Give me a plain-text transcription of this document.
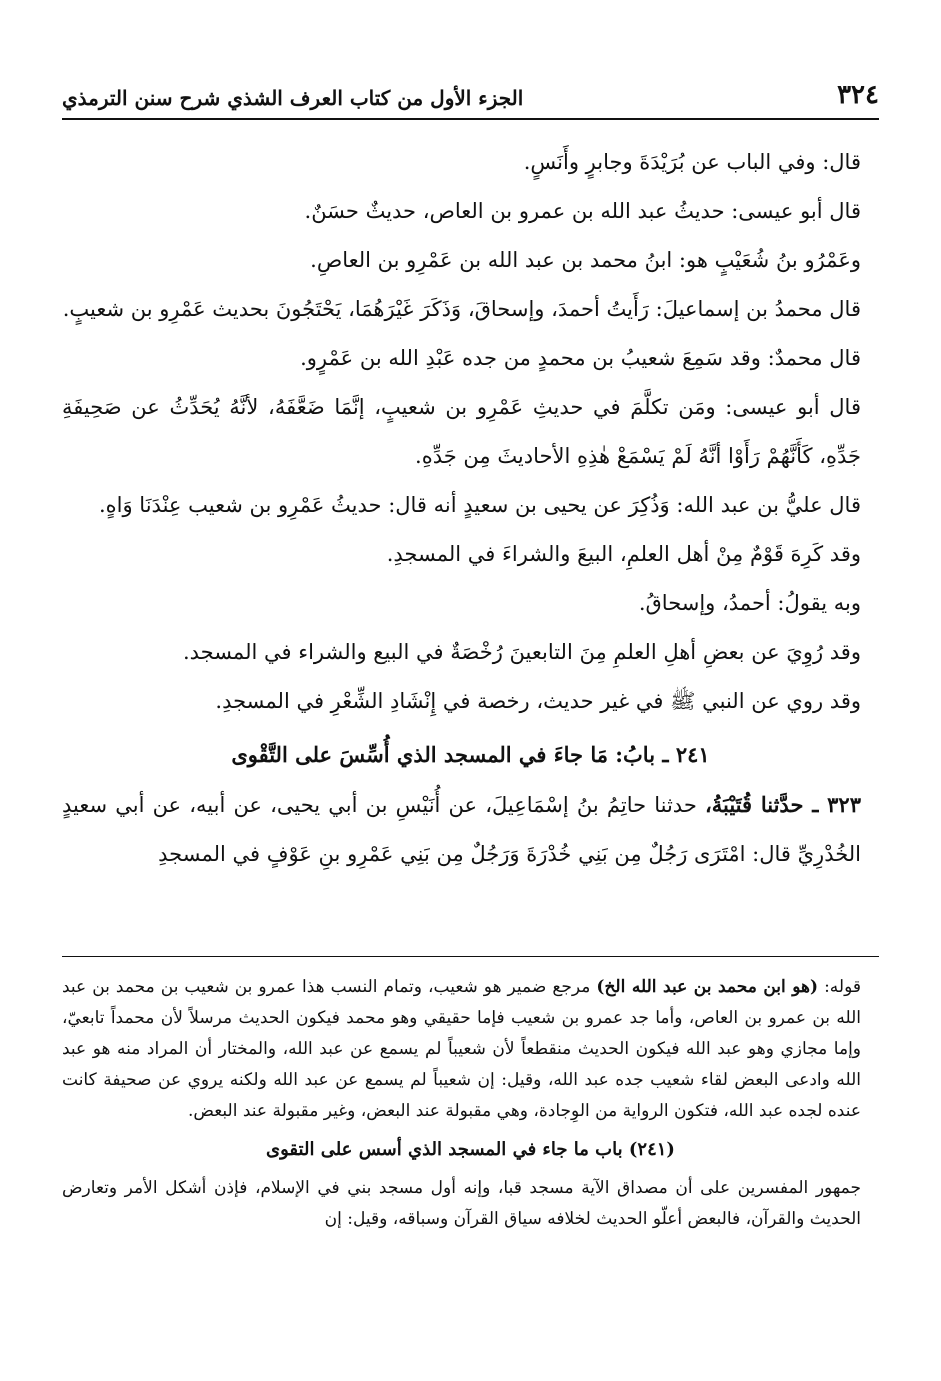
٣٢٤
الجزء الأول من كتاب العرف الشذي شرح سنن الترمذي

قال: وفي الباب عن بُرَيْدَةَ وجابرٍ وأَنَسٍ.

قال أبو عيسى: حديثُ عبد الله بن عمرو بن العاص، حديثٌ حسَنٌ.

وعَمْرُو بنُ شُعَيْبٍ هو: ابنُ محمد بن عبد الله بن عَمْرِو بن العاصِ.

قال محمدُ بن إسماعيلَ: رَأَيتُ أحمدَ، وإسحاقَ، وَذَكَرَ غَيْرَهُمَا، يَحْتَجُونَ بحديث عَمْرِو بن شعيبٍ.

قال محمدٌ: وقد سَمِعَ شعيبُ بن محمدٍ من جده عَبْدِ الله بن عَمْرٍو.

قال أبو عيسى: ومَن تكلَّمَ في حديثِ عَمْرِو بن شعيبٍ، إنَّمَا ضَعَّفَهُ، لأنَّهُ يُحَدِّثُ عن صَحِيفَةِ جَدِّهِ، كَأَنَّهُمْ رَأَوْا أنَّهُ لَمْ يَسْمَعْ هٰذِهِ الأحاديثَ مِن جَدِّهِ.

قال عليُّ بن عبد الله: وَذُكِرَ عن يحيى بن سعيدٍ أنه قال: حديثُ عَمْرِو بن شعيب عِنْدَنَا وَاهٍ.

وقد كَرِهَ قَوْمٌ مِنْ أهل العلمِ، البيعَ والشراءَ في المسجدِ.

وبه يقولُ: أحمدُ، وإسحاقُ.

وقد رُوِيَ عن بعضِ أهلِ العلمِ مِنَ التابعينَ رُخْصَةٌ في البيع والشراء في المسجد.

وقد روي عن النبي ﷺ في غير حديث، رخصة في إِنْشَادِ الشِّعْرِ في المسجدِ.

٢٤١ ـ بابُ: مَا جاءَ في المسجد الذي أُسِّسَ على التَّقْوى

٣٢٣ ـ حدَّثنا قُتَيْبَةُ، حدثنا حاتِمُ بنُ إسْمَاعِيلَ، عن أُنَيْسِ بن أبي يحيى، عن أبيه، عن أبي سعيدٍ الخُدْرِيِّ قال: امْتَرَى رَجُلٌ مِن بَنِي خُدْرَةَ وَرَجُلٌ مِن بَنِي عَمْرِو بنِ عَوْفٍ في المسجدِ

قوله: (هو ابن محمد بن عبد الله الخ) مرجع ضمير هو شعيب، وتمام النسب هذا عمرو بن شعيب بن محمد بن عبد الله بن عمرو بن العاص، وأما جد عمرو بن شعيب فإما حقيقي وهو محمد فيكون الحديث مرسلاً لأن محمداً تابعيّ، وإما مجازي وهو عبد الله فيكون الحديث منقطعاً لأن شعيباً لم يسمع عن عبد الله، والمختار أن المراد منه هو عبد الله وادعى البعض لقاء شعيب جده عبد الله، وقيل: إن شعيباً لم يسمع عن عبد الله ولكنه يروي عن صحيفة كانت عنده لجده عبد الله، فتكون الرواية من الوِجادة، وهي مقبولة عند البعض، وغير مقبولة عند البعض.

(٢٤١) باب ما جاء في المسجد الذي أسس على التقوى

جمهور المفسرين على أن مصداق الآية مسجد قبا، وإنه أول مسجد بني في الإسلام، فإذن أشكل الأمر وتعارض الحديث والقرآن، فالبعض أعلّو الحديث لخلافه سياق القرآن وسباقه، وقيل: إن
